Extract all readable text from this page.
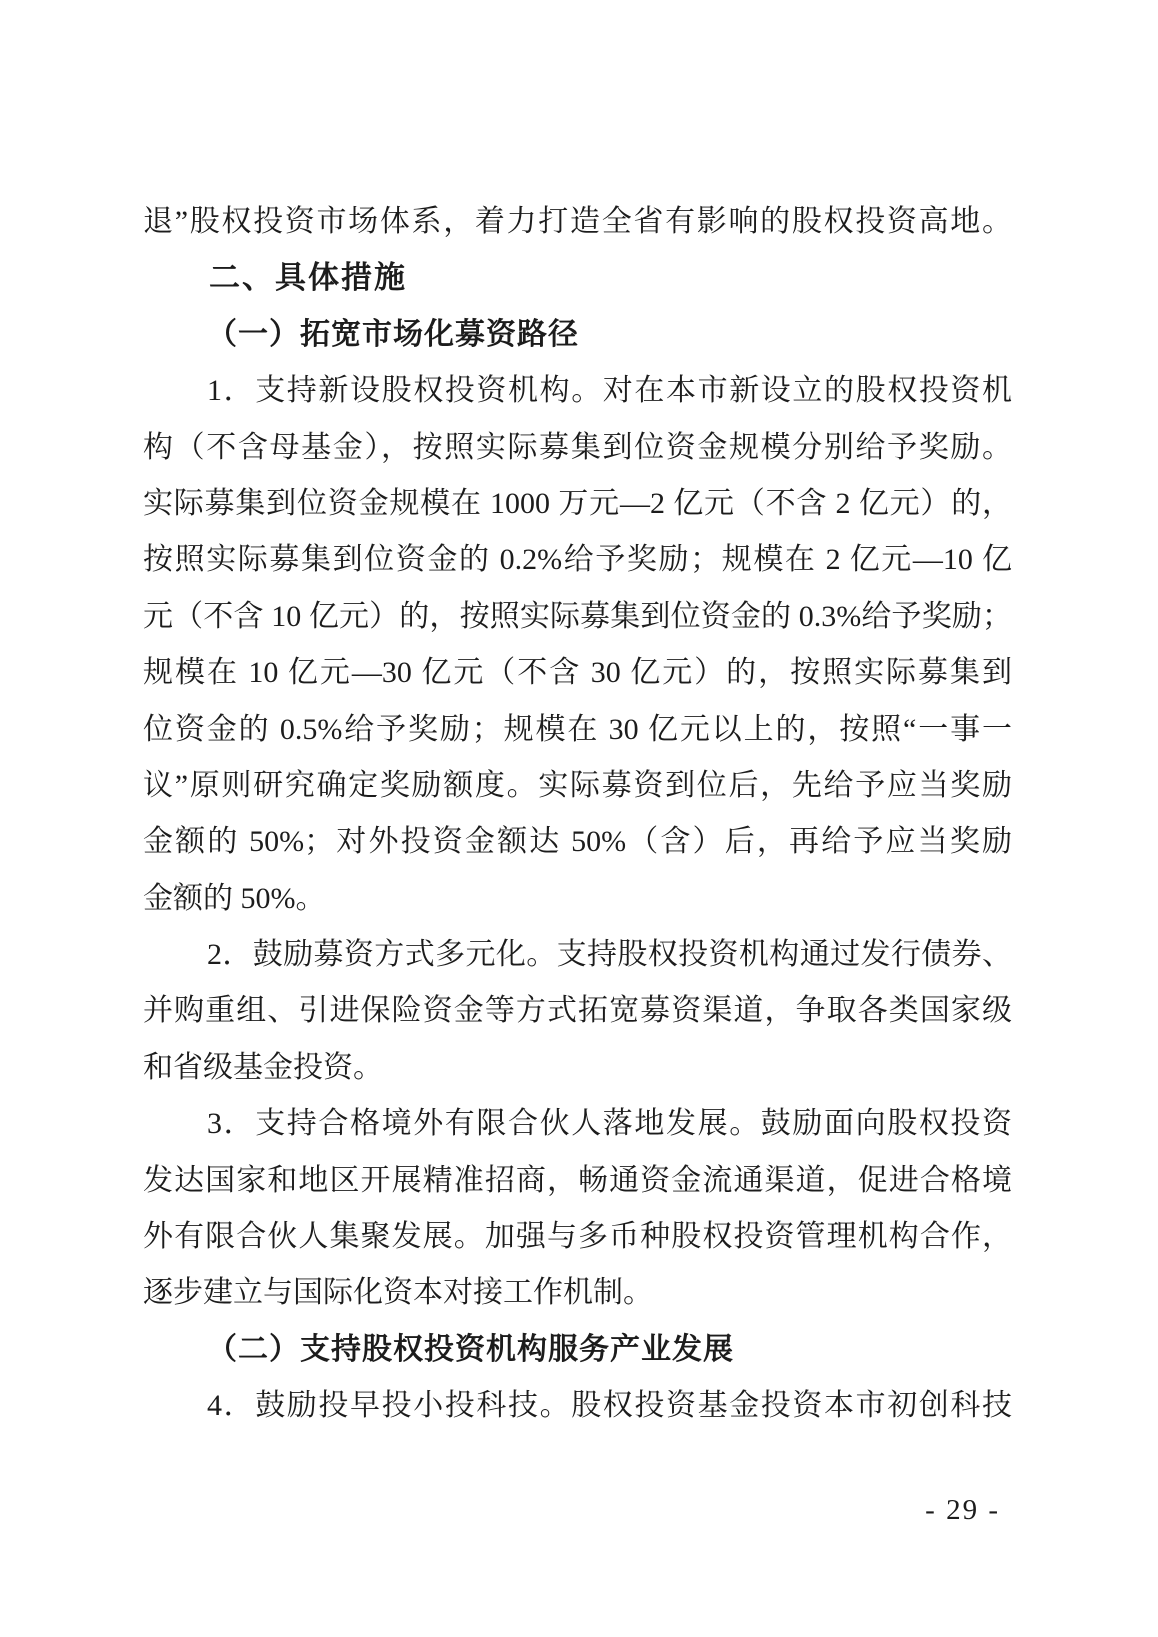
退”股权投资市场体系，着力打造全省有影响的股权投资高地。
二、具体措施
（一）拓宽市场化募资路径
1．支持新设股权投资机构。对在本市新设立的股权投资机
构（不含母基金），按照实际募集到位资金规模分别给予奖励。
实际募集到位资金规模在 1000 万元—2 亿元（不含 2 亿元）的，
按照实际募集到位资金的 0.2%给予奖励；规模在 2 亿元—10 亿
元（不含 10 亿元）的，按照实际募集到位资金的 0.3%给予奖励；
规模在 10 亿元—30 亿元（不含 30 亿元）的，按照实际募集到
位资金的 0.5%给予奖励；规模在 30 亿元以上的，按照“一事一
议”原则研究确定奖励额度。实际募资到位后，先给予应当奖励
金额的 50%；对外投资金额达 50%（含）后，再给予应当奖励
金额的 50%。
2．鼓励募资方式多元化。支持股权投资机构通过发行债券、
并购重组、引进保险资金等方式拓宽募资渠道，争取各类国家级
和省级基金投资。
3．支持合格境外有限合伙人落地发展。鼓励面向股权投资
发达国家和地区开展精准招商，畅通资金流通渠道，促进合格境
外有限合伙人集聚发展。加强与多币种股权投资管理机构合作，
逐步建立与国际化资本对接工作机制。
（二）支持股权投资机构服务产业发展
4．鼓励投早投小投科技。股权投资基金投资本市初创科技
- 29 -
